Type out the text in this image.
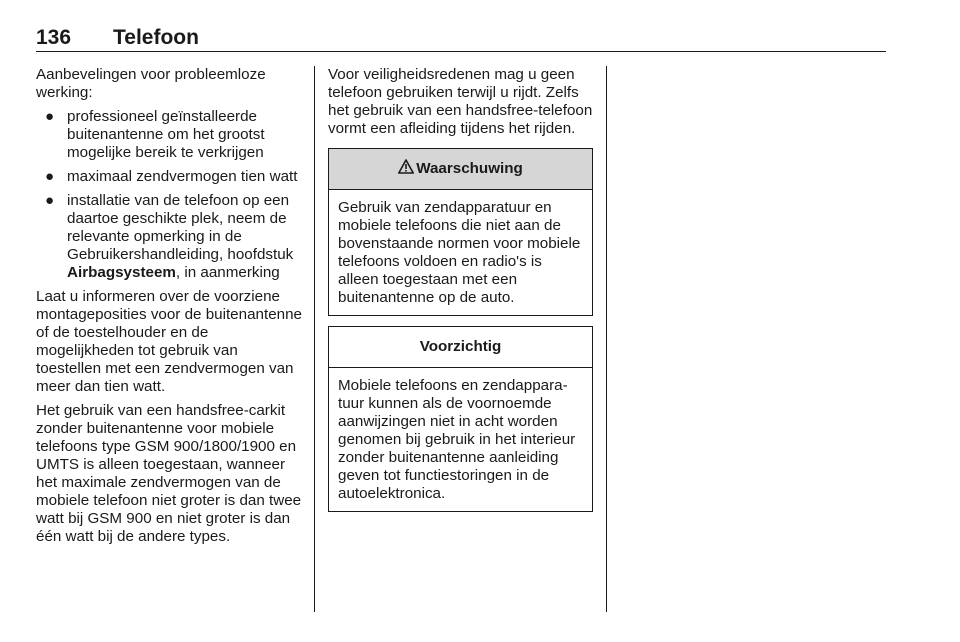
136 Telefoon

Aanbevelingen voor probleemloze werking:

● professioneel geïnstalleerde buitenantenne om het grootst mogelijke bereik te verkrijgen
● maximaal zendvermogen tien watt
● installatie van de telefoon op een daartoe geschikte plek, neem de relevante opmerking in de Gebruikershandleiding, hoofdstuk Airbagsysteem, in aanmerking

Laat u informeren over de voorziene montageposities voor de buitenantenne of de toestelhouder en de mogelijkheden tot gebruik van toestellen met een zendvermogen van meer dan tien watt.

Het gebruik van een handsfree-carkit zonder buitenantenne voor mobiele telefoons type GSM 900/1800/1900 en UMTS is alleen toegestaan, wanneer het maximale zendvermogen van de mobiele telefoon niet groter is dan twee watt bij GSM 900 en niet groter is dan één watt bij de andere types.

Voor veiligheidsredenen mag u geen telefoon gebruiken terwijl u rijdt. Zelfs het gebruik van een handsfree-telefoon vormt een afleiding tijdens het rijden.

Waarschuwing
Gebruik van zendapparatuur en mobiele telefoons die niet aan de bovenstaande normen voor mobiele telefoons voldoen en radio's is alleen toegestaan met een buitenantenne op de auto.
Voorzichtig
Mobiele telefoons en zendapparatuur kunnen als de voornoemde aanwijzingen niet in acht worden genomen bij gebruik in het interieur zonder buitenantenne aanleiding geven tot functiestoringen in de autoelektronica.
